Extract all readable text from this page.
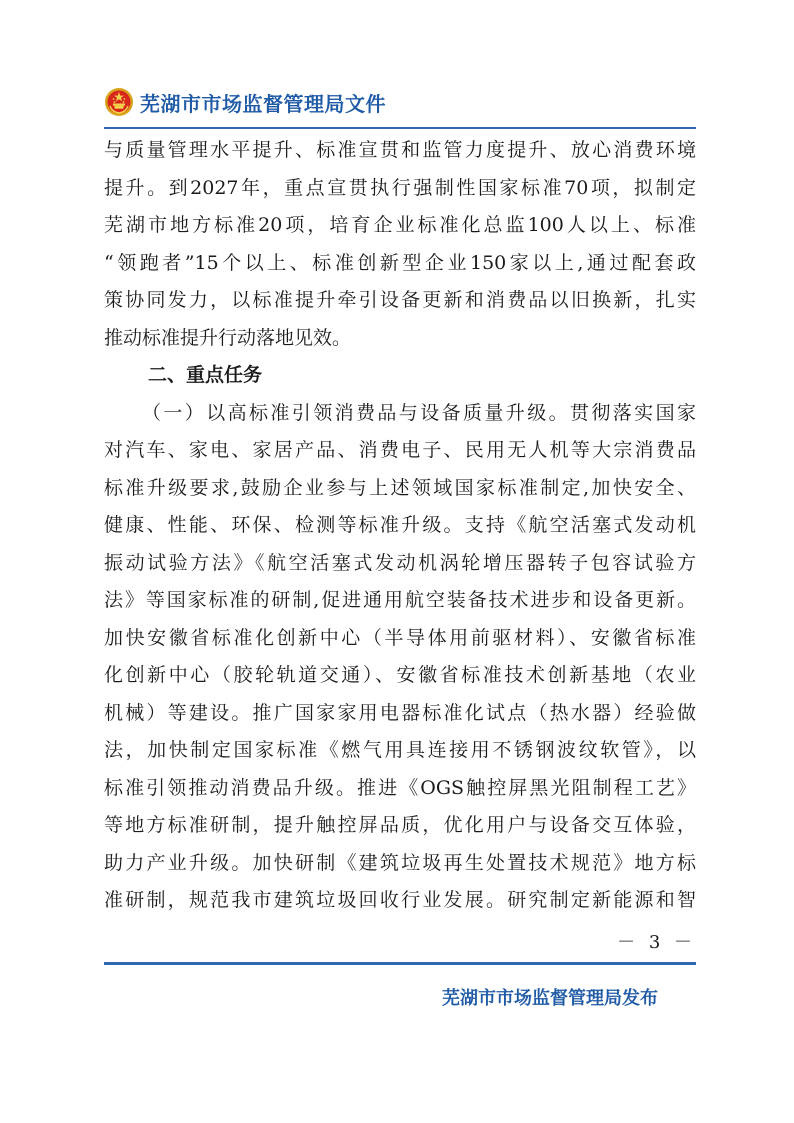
芜湖市市场监督管理局文件
与质量管理水平提升、标准宣贯和监管力度提升、放心消费环境
提升。到2027年，重点宣贯执行强制性国家标准70项，拟制定
芜湖市地方标准20项，培育企业标准化总监100人以上、标准
“领跑者”15个以上、标准创新型企业150家以上,通过配套政
策协同发力，以标准提升牵引设备更新和消费品以旧换新，扎实
推动标准提升行动落地见效。
二、重点任务
（一）以高标准引领消费品与设备质量升级。贯彻落实国家
对汽车、家电、家居产品、消费电子、民用无人机等大宗消费品
标准升级要求,鼓励企业参与上述领域国家标准制定,加快安全、
健康、性能、环保、检测等标准升级。支持《航空活塞式发动机
振动试验方法》《航空活塞式发动机涡轮增压器转子包容试验方
法》等国家标准的研制,促进通用航空装备技术进步和设备更新。
加快安徽省标准化创新中心（半导体用前驱材料）、安徽省标准
化创新中心（胶轮轨道交通）、安徽省标准技术创新基地（农业
机械）等建设。推广国家家用电器标准化试点（热水器）经验做
法，加快制定国家标准《燃气用具连接用不锈钢波纹软管》，以
标准引领推动消费品升级。推进《OGS触控屏黑光阻制程工艺》
等地方标准研制，提升触控屏品质，优化用户与设备交互体验，
助力产业升级。加快研制《建筑垃圾再生处置技术规范》地方标
准研制，规范我市建筑垃圾回收行业发展。研究制定新能源和智
－ 3 －
芜湖市市场监督管理局发布
